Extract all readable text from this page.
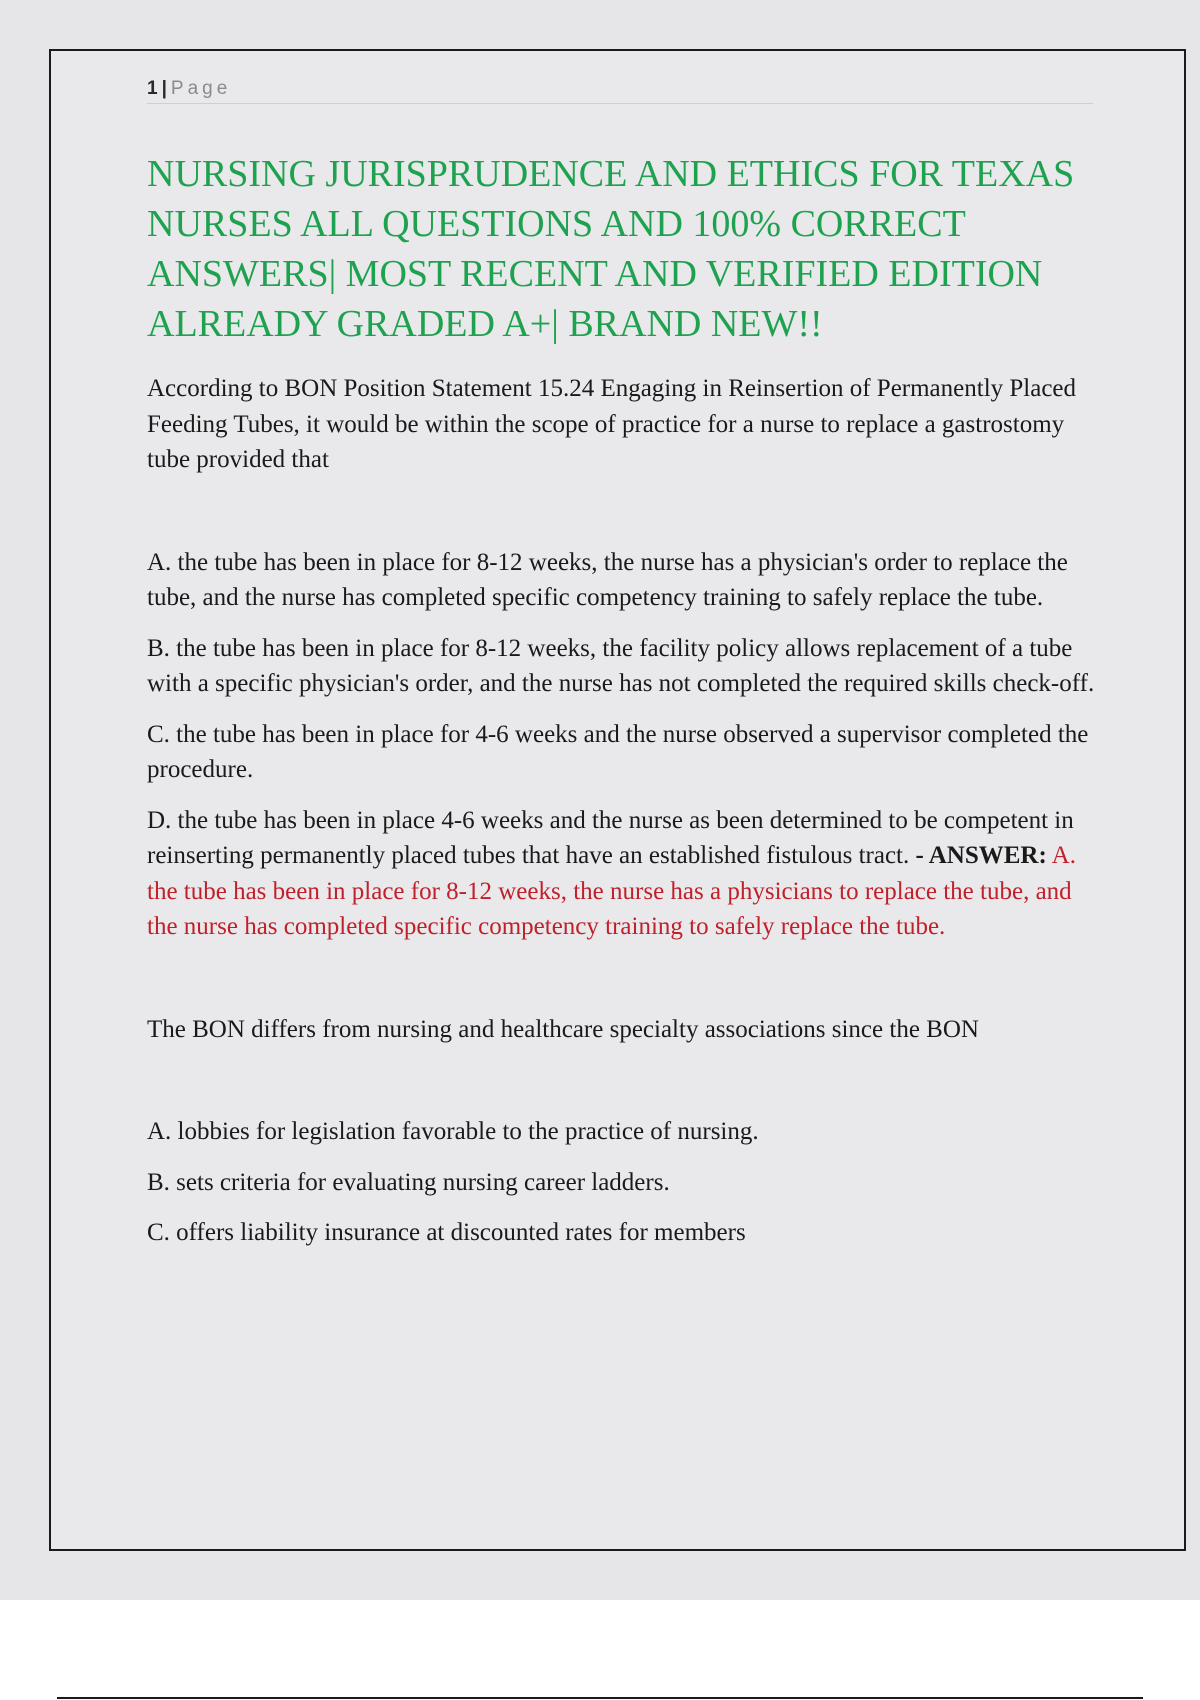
1 | Page
NURSING JURISPRUDENCE AND ETHICS FOR TEXAS NURSES ALL QUESTIONS AND 100% CORRECT ANSWERS| MOST RECENT AND VERIFIED EDITION ALREADY GRADED A+| BRAND NEW!!

According to BON Position Statement 15.24 Engaging in Reinsertion of Permanently Placed Feeding Tubes, it would be within the scope of practice for a nurse to replace a gastrostomy tube provided that

A. the tube has been in place for 8-12 weeks, the nurse has a physician's order to replace the tube, and the nurse has completed specific competency training to safely replace the tube.

B. the tube has been in place for 8-12 weeks, the facility policy allows replacement of a tube with a specific physician's order, and the nurse has not completed the required skills check-off.

C. the tube has been in place for 4-6 weeks and the nurse observed a supervisor completed the procedure.

D. the tube has been in place 4-6 weeks and the nurse as been determined to be competent in reinserting permanently placed tubes that have an established fistulous tract. - ANSWER: A. the tube has been in place for 8-12 weeks, the nurse has a physicians to replace the tube, and the nurse has completed specific competency training to safely replace the tube.

The BON differs from nursing and healthcare specialty associations since the BON

A. lobbies for legislation favorable to the practice of nursing.

B. sets criteria for evaluating nursing career ladders.

C. offers liability insurance at discounted rates for members
